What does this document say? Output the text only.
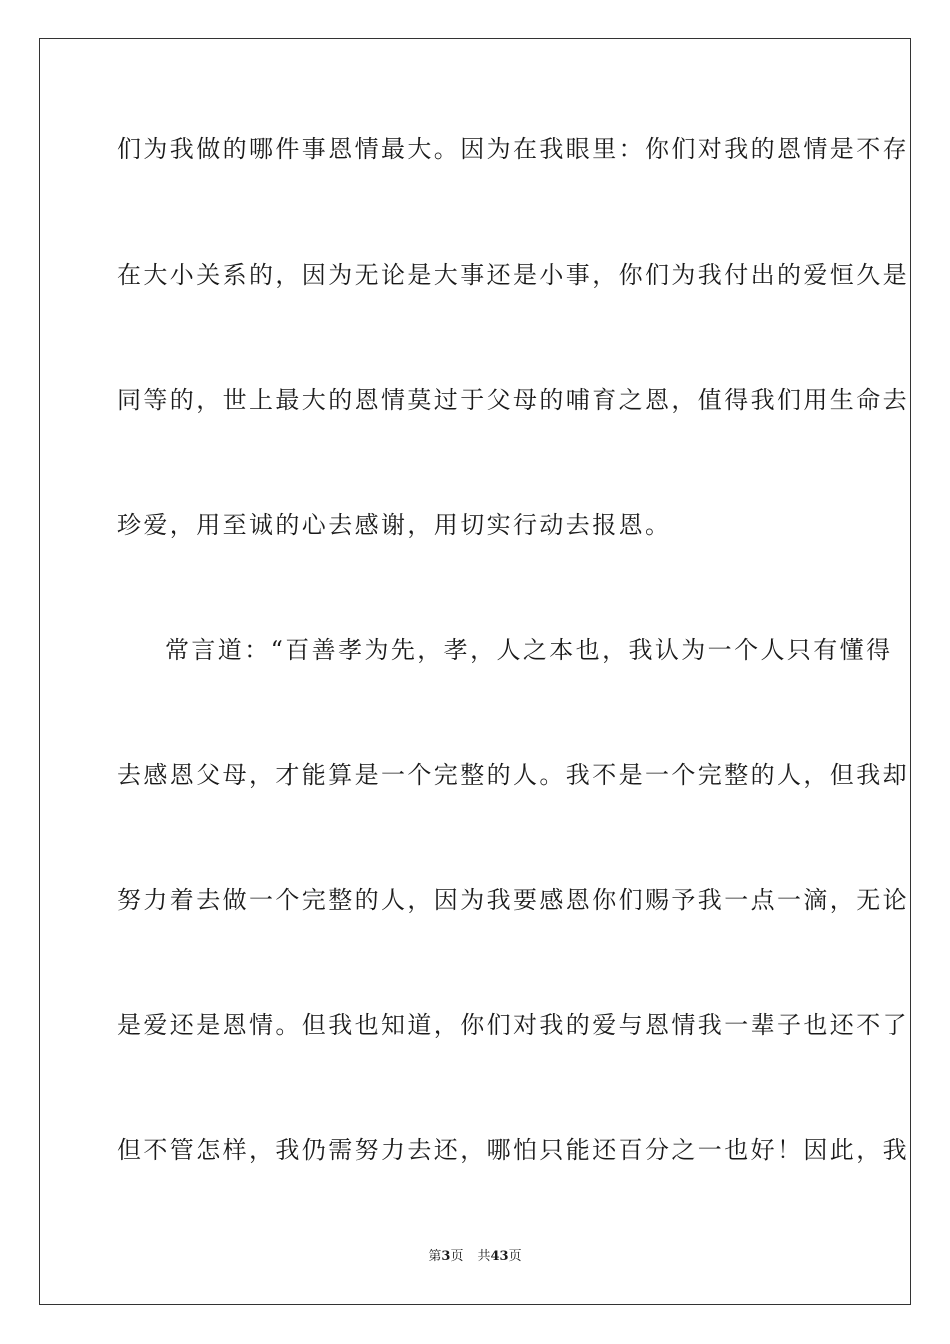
们为我做的哪件事恩情最大。因为在我眼里：你们对我的恩情是不存
在大小关系的，因为无论是大事还是小事，你们为我付出的爱恒久是
同等的，世上最大的恩情莫过于父母的哺育之恩，值得我们用生命去
珍爱，用至诚的心去感谢，用切实行动去报恩。
常言道：“百善孝为先，孝，人之本也，我认为一个人只有懂得
去感恩父母，才能算是一个完整的人。我不是一个完整的人，但我却
努力着去做一个完整的人，因为我要感恩你们赐予我一点一滴，无论
是爱还是恩情。但我也知道，你们对我的爱与恩情我一辈子也还不了
但不管怎样，我仍需努力去还，哪怕只能还百分之一也好！因此，我
第3页 共43页
